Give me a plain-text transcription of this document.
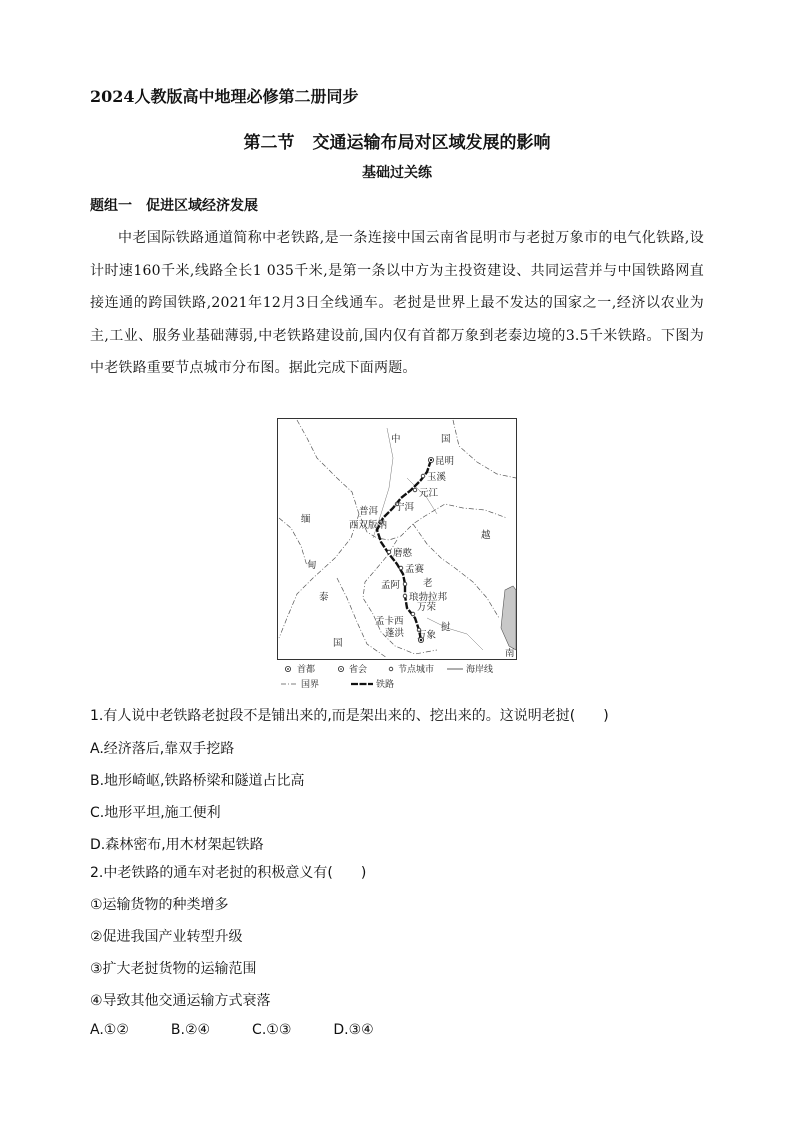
2024人教版高中地理必修第二册同步
第二节 交通运输布局对区域发展的影响
基础过关练
题组一 促进区域经济发展
中老国际铁路通道简称中老铁路,是一条连接中国云南省昆明市与老挝万象市的电气化铁路,设计时速160千米,线路全长1 035千米,是第一条以中方为主投资建设、共同运营并与中国铁路网直接连通的跨国铁路,2021年12月3日全线通车。老挝是世界上最不发达的国家之一,经济以农业为主,工业、服务业基础薄弱,中老铁路建设前,国内仅有首都万象到老泰边境的3.5千米铁路。下图为中老铁路重要节点城市分布图。据此完成下面两题。
中	国
缅
甸
泰
国
老
挝
越
南
昆明
玉溪
元江
普洱 宁洱
西双版纳
磨憨
孟赛
孟阿
琅勃拉邦
万荣
孟卡西
蓬洪 万象
首都	省会	节点城市	海岸线
国界	铁路
1.有人说中老铁路老挝段不是铺出来的,而是架出来的、挖出来的。这说明老挝(　　)
A.经济落后,靠双手挖路
B.地形崎岖,铁路桥梁和隧道占比高
C.地形平坦,施工便利
D.森林密布,用木材架起铁路
2.中老铁路的通车对老挝的积极意义有(　　)
①运输货物的种类增多
②促进我国产业转型升级
③扩大老挝货物的运输范围
④导致其他交通运输方式衰落
A.①②	B.②④	C.①③	D.③④
